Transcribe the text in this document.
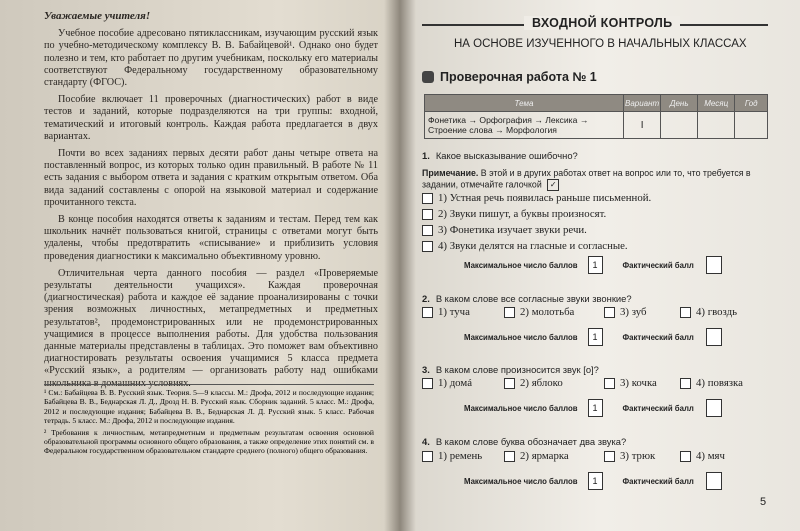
Уважаемые учителя!

Учебное пособие адресовано пятиклассникам, изучающим русский язык по учебно-методическому комплексу В. В. Бабайцевой¹. Однако оно будет полезно и тем, кто работает по другим учебникам, поскольку его материалы соответствуют Федеральному государственному образовательному стандарту (ФГОС).

Пособие включает 11 проверочных (диагностических) работ в виде тестов и заданий, которые подразделяются на три группы: входной, тематический и итоговый контроль. Каждая работа предлагается в двух вариантах.

Почти во всех заданиях первых десяти работ даны четыре ответа на поставленный вопрос, из которых только один правильный. В работе № 11 есть задания с выбором ответа и задания с кратким открытым ответом. Оба вида заданий составлены с опорой на языковой материал и содержание прочитанного текста.

В конце пособия находятся ответы к заданиям и тестам. Перед тем как школьник начнёт пользоваться книгой, страницы с ответами могут быть удалены, чтобы предотвратить «списывание» и приблизить условия проведения диагностики к максимально объективному уровню.

Отличительная черта данного пособия — раздел «Проверяемые результаты деятельности учащихся». Каждая проверочная (диагностическая) работа и каждое её задание проанализированы с точки зрения возможных личностных, метапредметных и предметных результатов², продемонстрированных или не продемонстрированных учащимися в процессе выполнения работы. Для удобства пользования данные материалы представлены в таблицах. Это поможет вам объективно диагностировать результаты освоения учащимися 5 класса предмета «Русский язык», а родителям — организовать работу над ошибками школьника в домашних условиях.

¹ См.: Бабайцева В. В. Русский язык. Теория. 5—9 классы. М.: Дрофа, 2012 и последующие издания; Бабайцева В. В., Беднарская Л. Д., Дрозд Н. В. Русский язык. Сборник заданий. 5 класс. М.: Дрофа, 2012 и последующие издания; Бабайцева В. В., Беднарская Л. Д. Русский язык. 5 класс. Рабочая тетрадь. 5 класс. М.: Дрофа, 2012 и последующие издания.
² Требования к личностным, метапредметным и предметным результатам освоения основной образовательной программы основного общего образования, а также определение этих понятий см. в Федеральном государственном образовательном стандарте среднего (полного) общего образования.
ВХОДНОЙ КОНТРОЛЬ
НА ОСНОВЕ ИЗУЧЕННОГО В НАЧАЛЬНЫХ КЛАССАХ
Проверочная работа № 1
Тема	Вариант	День	Месяц	Год

Фонетика → Орфография → Лексика →
Строение слова → Морфология	I			
1. Какое высказывание ошибочно?
Примечание. В этой и в других работах ответ на вопрос или то, что требуется в задании, отмечайте галочкой ✓
1) Устная речь появилась раньше письменной.
2) Звуки пишут, а буквы произносят.
3) Фонетика изучает звуки речи.
4) Звуки делятся на гласные и согласные.
Максимальное число баллов	1	Фактический балл
2. В каком слове все согласные звуки звонкие?
1) туча	2) молотьба	3) зуб	4) гвоздь
Максимальное число баллов	1	Фактический балл
3. В каком слове произносится звук [о]?
1) домá	2) яблоко	3) кочка	4) повязка
Максимальное число баллов	1	Фактический балл
4. В каком слове буква обозначает два звука?
1) ремень	2) ярмарка	3) трюк	4) мяч
Максимальное число баллов	1	Фактический балл
5
